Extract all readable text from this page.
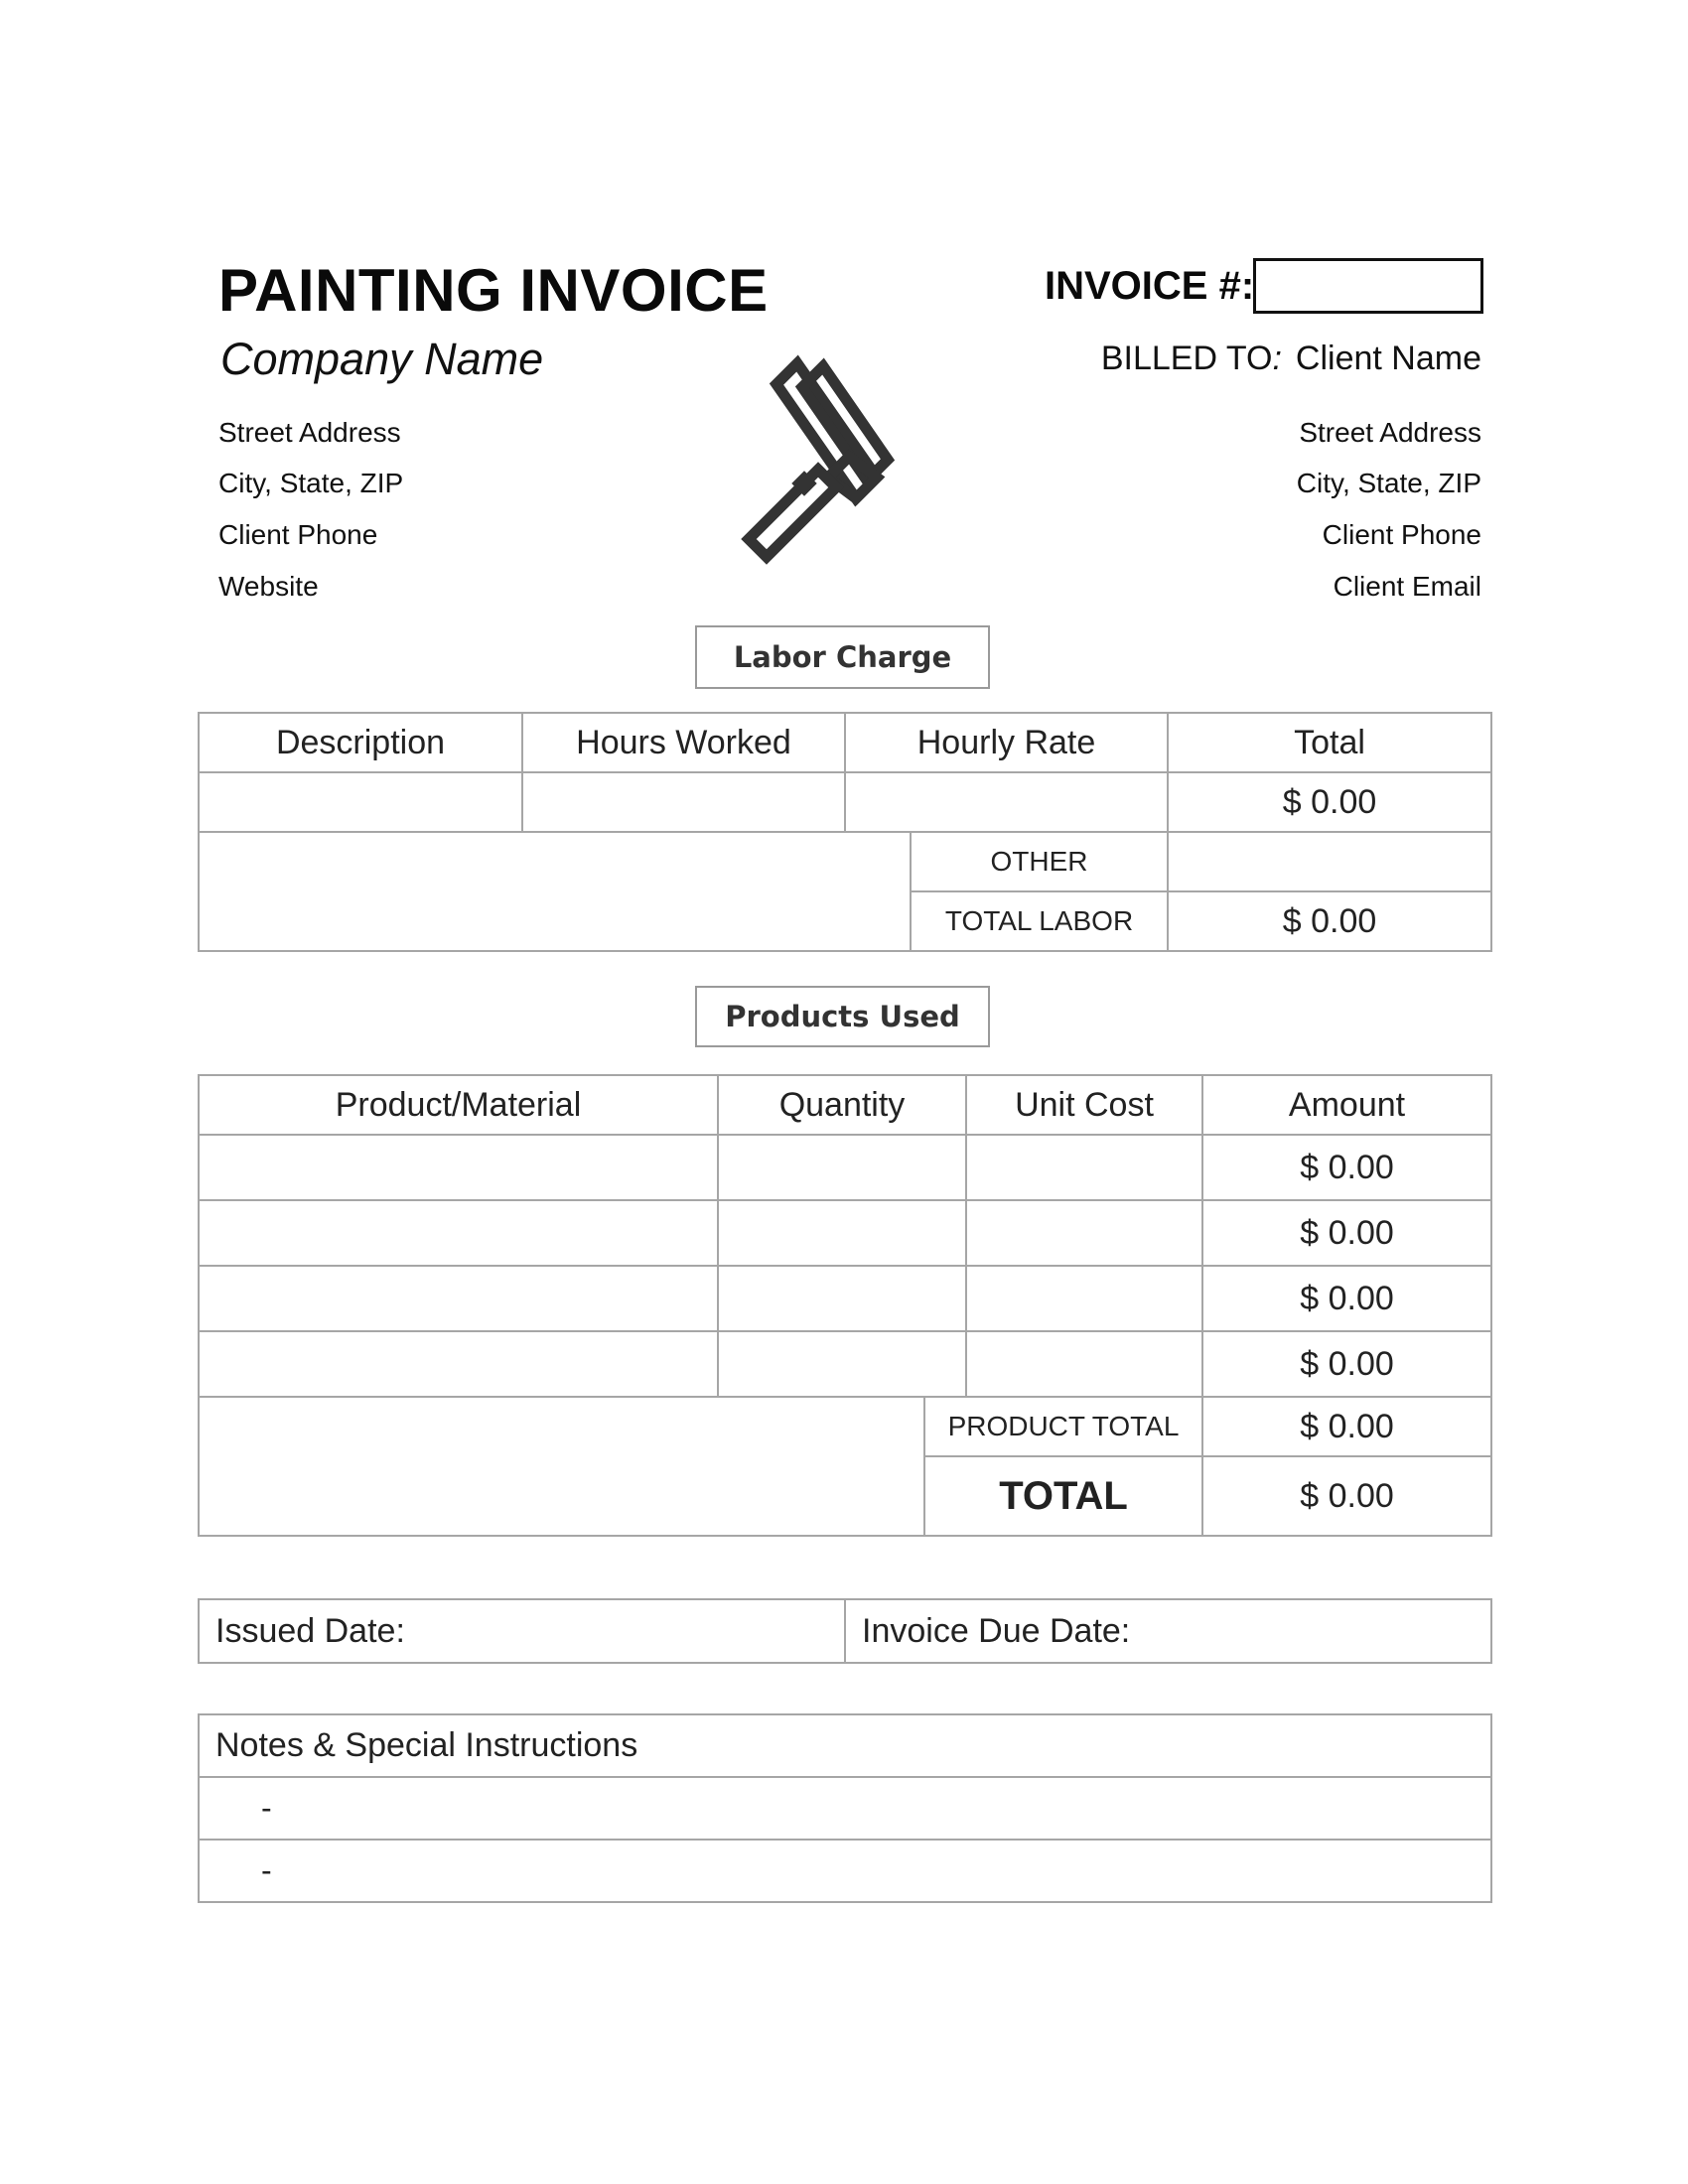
PAINTING INVOICE
Company Name
Street Address
City, State, ZIP
Client Phone
Website
INVOICE #:
BILLED TO: Client Name
Street Address
City, State, ZIP
Client Phone
Client Email
Labor Charge
Description	Hours Worked	Hourly Rate		Total
				$ 0.00
			OTHER	
			TOTAL LABOR	$ 0.00
Products Used
Product/Material	Quantity		Unit Cost	Amount
				$ 0.00
				$ 0.00
				$ 0.00
				$ 0.00
		PRODUCT TOTAL		$ 0.00
		TOTAL		$ 0.00
Issued Date:	Invoice Due Date:
Notes & Special Instructions
-
-
